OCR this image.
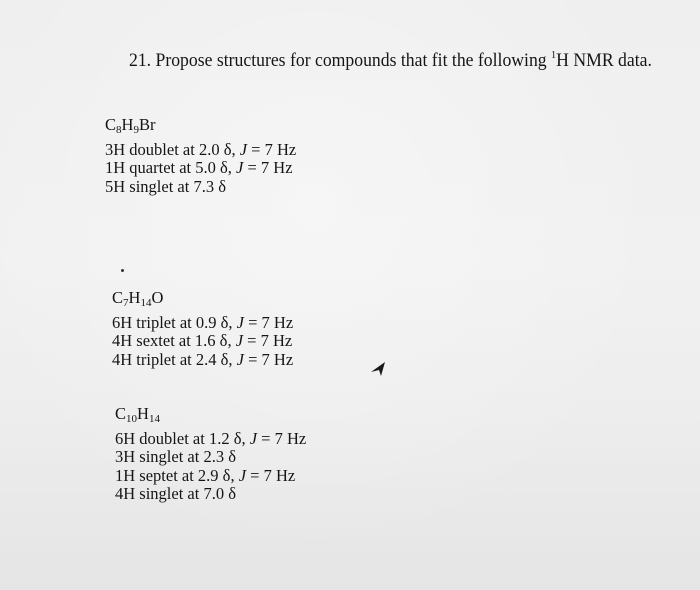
21. Propose structures for compounds that fit the following $^1$H NMR data.
$C_8H_9Br$
3H doublet at 2.0 δ, J = 7 Hz
1H quartet at 5.0 δ, J = 7 Hz
5H singlet at 7.3 δ
$C_7H_{14}O$
6H triplet at 0.9 δ, J = 7 Hz
4H sextet at 1.6 δ, J = 7 Hz
4H triplet at 2.4 δ, J = 7 Hz
$C_{10}H_{14}$
6H doublet at 1.2 δ, J = 7 Hz
3H singlet at 2.3 δ
1H septet at 2.9 δ, J = 7 Hz
4H singlet at 7.0 δ
